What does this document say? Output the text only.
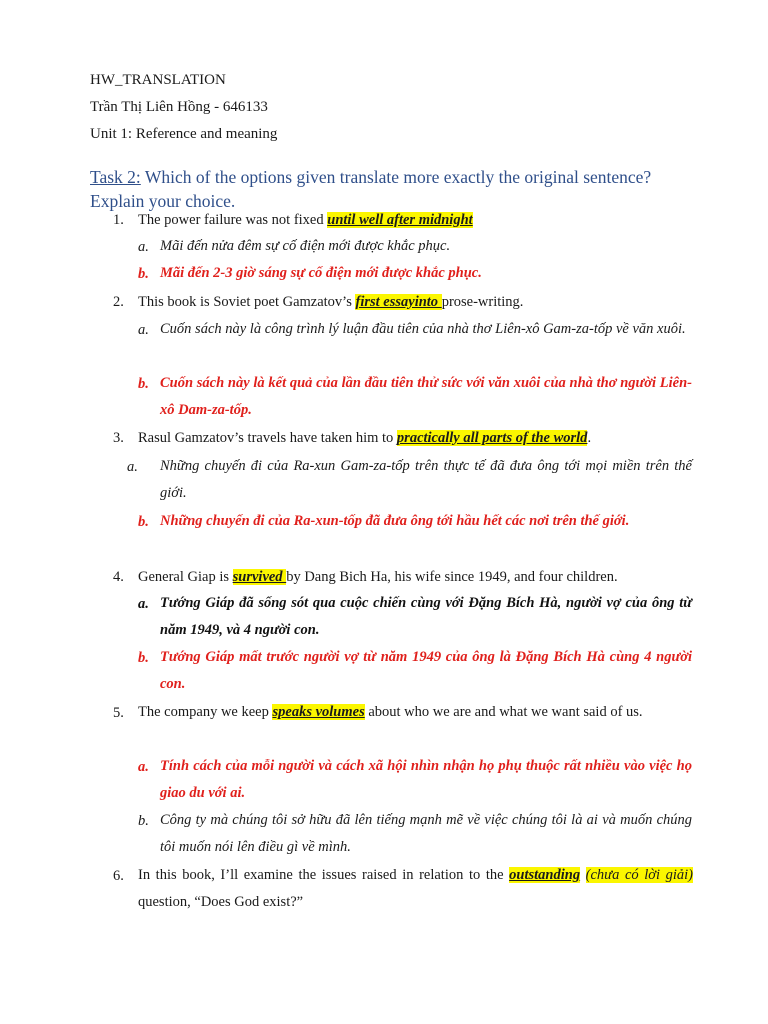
HW_TRANSLATION
Trần Thị Liên Hồng - 646133
Unit 1: Reference and meaning
Task 2: Which of the options given translate more exactly the original sentence? Explain your choice.
1. The power failure was not fixed until well after midnight
a. Mãi đến nửa đêm sự cố điện mới được khắc phục.
b. Mãi đến 2-3 giờ sáng sự cố điện mới được khắc phục.
2. This book is Soviet poet Gamzatov’s first essayinto prose-writing.
a. Cuốn sách này là công trình lý luận đầu tiên của nhà thơ Liên-xô Gam-za-tốp về văn xuôi.
b. Cuốn sách này là kết quả của lần đầu tiên thử sức với văn xuôi của nhà thơ người Liên-xô Dam-za-tốp.
3. Rasul Gamzatov’s travels have taken him to practically all parts of the world.
a. Những chuyến đi của Ra-xun Gam-za-tốp trên thực tế đã đưa ông tới mọi miền trên thế giới.
b. Những chuyến đi của Ra-xun-tốp đã đưa ông tới hầu hết các nơi trên thế giới.
4. General Giap is survived by Dang Bich Ha, his wife since 1949, and four children.
a. Tướng Giáp đã sống sót qua cuộc chiến cùng với Đặng Bích Hà, người vợ của ông từ năm 1949, và 4 người con.
b. Tướng Giáp mất trước người vợ từ năm 1949 của ông là Đặng Bích Hà cùng 4 người con.
5. The company we keep speaks volumes about who we are and what we want said of us.
a. Tính cách của mỗi người và cách xã hội nhìn nhận họ phụ thuộc rất nhiều vào việc họ giao du với ai.
b. Công ty mà chúng tôi sở hữu đã lên tiếng mạnh mẽ về việc chúng tôi là ai và muốn chúng tôi muốn nói lên điều gì về mình.
6. In this book, I’ll examine the issues raised in relation to the outstanding (chưa có lời giải) question, “Does God exist?”
